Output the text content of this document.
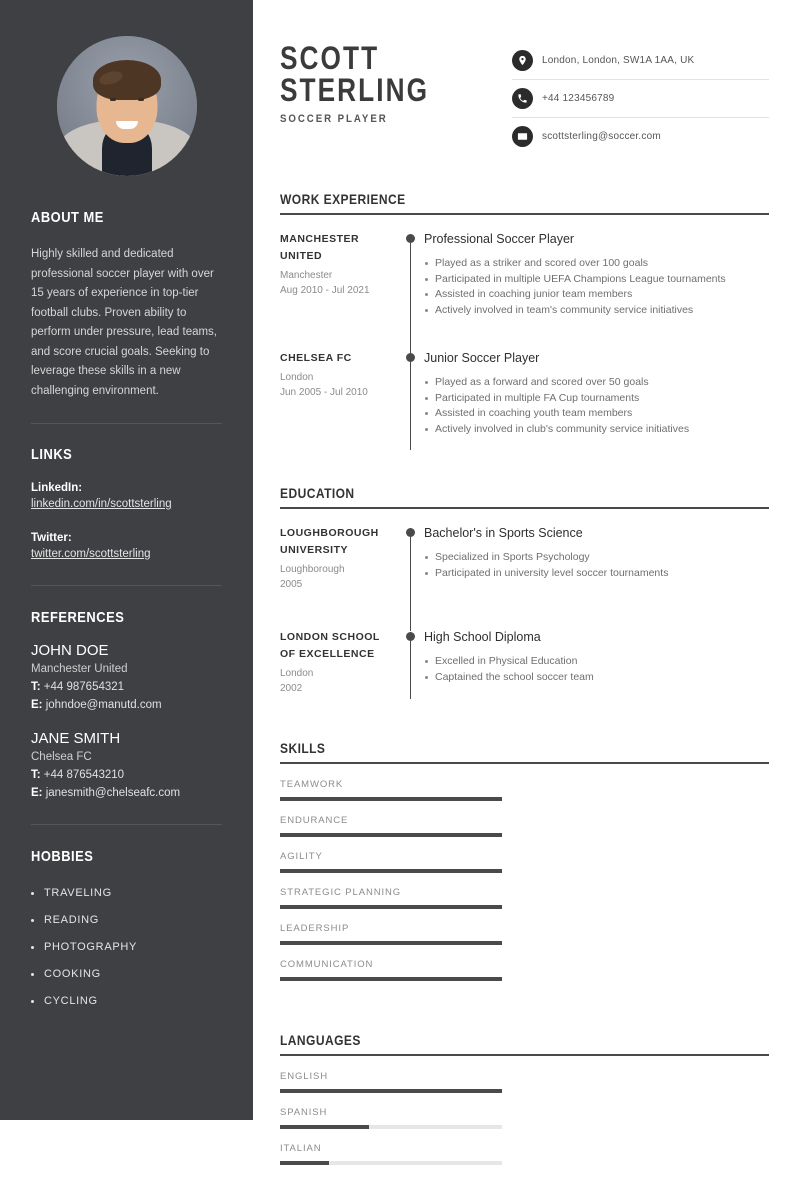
ABOUT ME

Highly skilled and dedicated professional soccer player with over 15 years of experience in top-tier football clubs. Proven ability to perform under pressure, lead teams, and score crucial goals. Seeking to leverage these skills in a new challenging environment.

LINKS
LinkedIn:
linkedin.com/in/scottsterling
Twitter:
twitter.com/scottsterling
REFERENCES
JOHN DOE
Manchester United
T: +44 987654321
E: johndoe@manutd.com
JANE SMITH
Chelsea FC
T: +44 876543210
E: janesmith@chelseafc.com
HOBBIES
TRAVELING
READING
PHOTOGRAPHY
COOKING
CYCLING
SCOTT
STERLING
SOCCER PLAYER
London, London, SW1A 1AA, UK
+44 123456789
scottsterling@soccer.com
WORK EXPERIENCE
MANCHESTER UNITED
Manchester
Aug 2010 - Jul 2021
Professional Soccer Player
Played as a striker and scored over 100 goals
Participated in multiple UEFA Champions League tournaments
Assisted in coaching junior team members
Actively involved in team's community service initiatives
CHELSEA FC
London
Jun 2005 - Jul 2010
Junior Soccer Player
Played as a forward and scored over 50 goals
Participated in multiple FA Cup tournaments
Assisted in coaching youth team members
Actively involved in club's community service initiatives
EDUCATION
LOUGHBOROUGH UNIVERSITY
Loughborough
2005
Bachelor's in Sports Science
Specialized in Sports Psychology
Participated in university level soccer tournaments
LONDON SCHOOL OF EXCELLENCE
London
2002
High School Diploma
Excelled in Physical Education
Captained the school soccer team
SKILLS
TEAMWORK
ENDURANCE
AGILITY
STRATEGIC PLANNING
LEADERSHIP
COMMUNICATION
LANGUAGES
ENGLISH
SPANISH
ITALIAN
